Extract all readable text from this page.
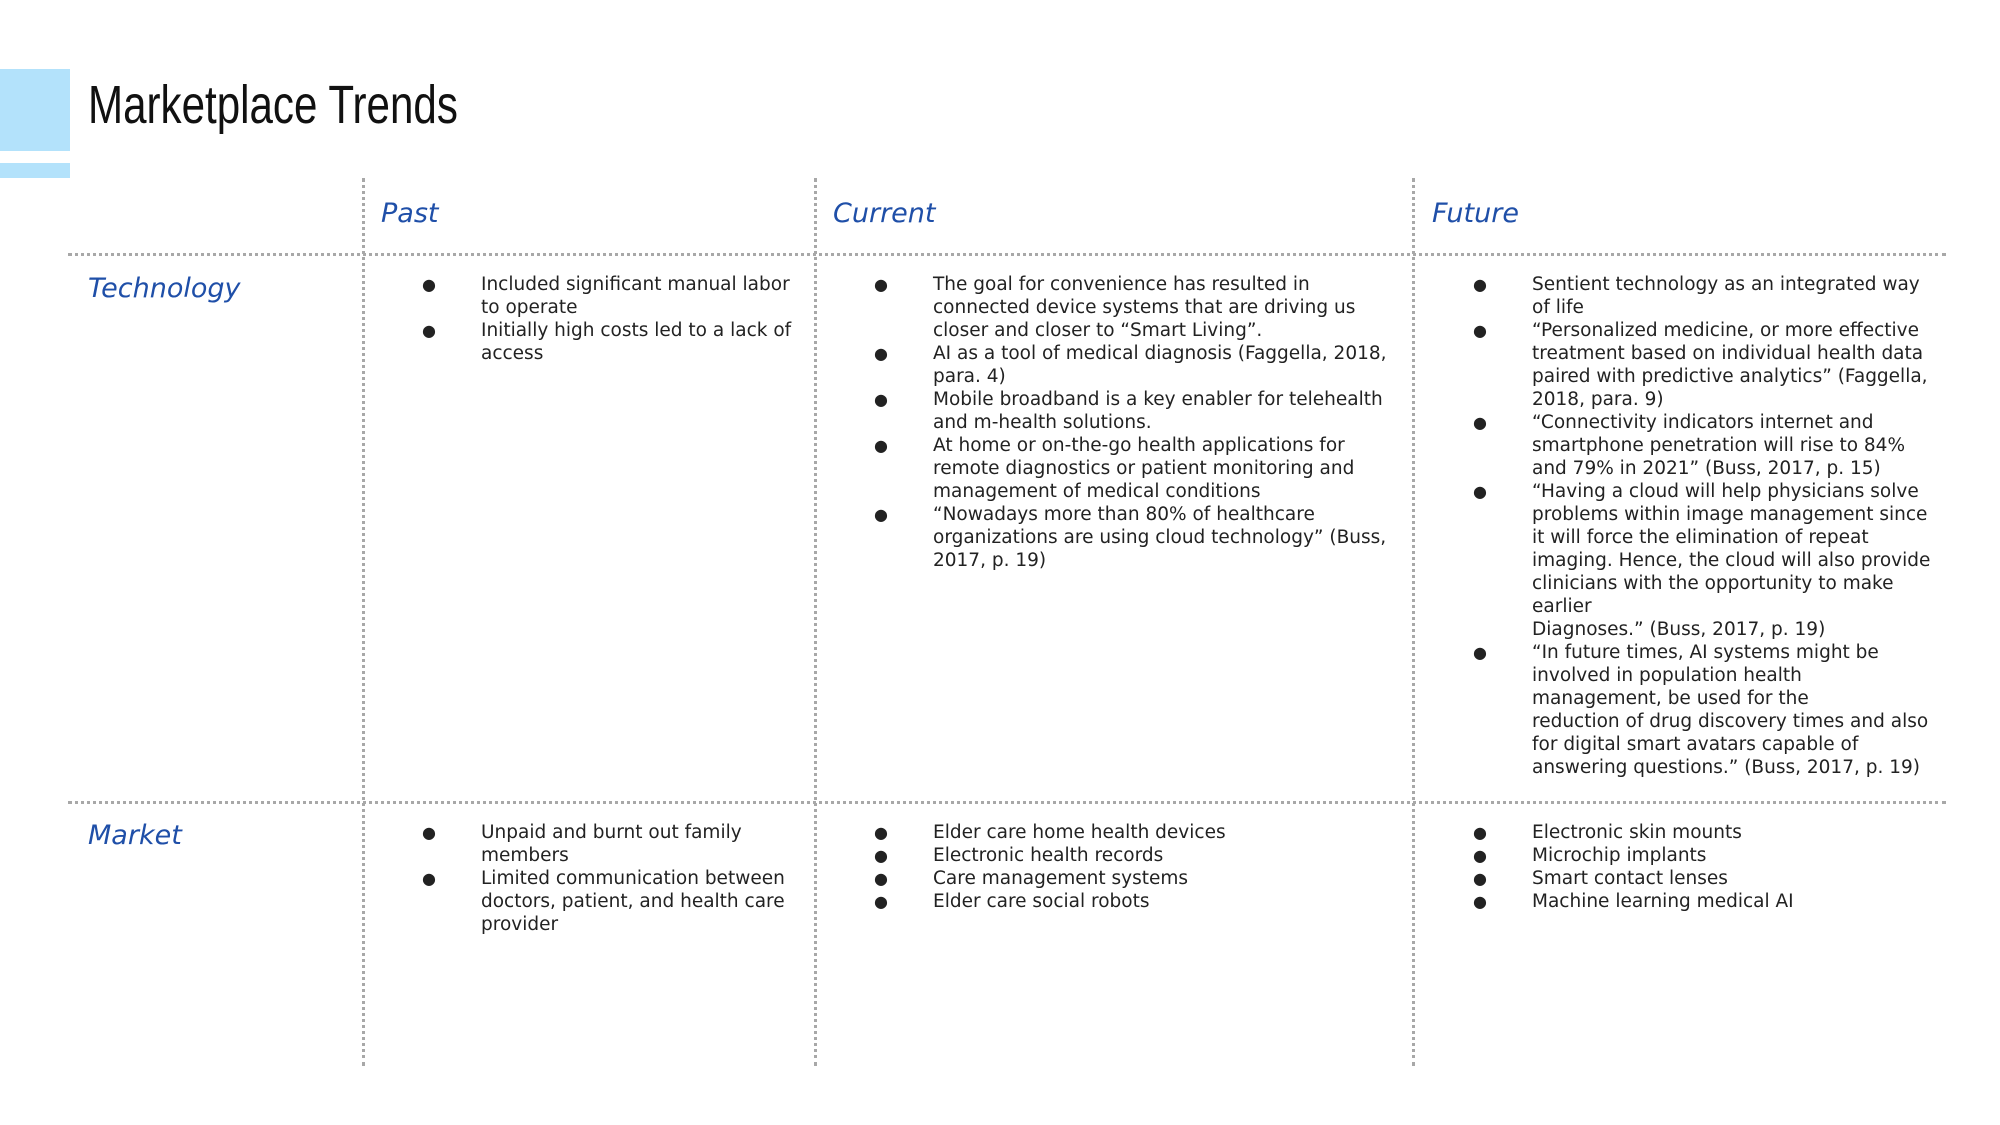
Marketplace Trends
Past	Current	Future
Technology
Market
● Included significant manual labor
to operate
● Initially high costs led to a lack of
access
● The goal for convenience has resulted in
connected device systems that are driving us
closer and closer to “Smart Living”.
● AI as a tool of medical diagnosis (Faggella, 2018,
para. 4)
● Mobile broadband is a key enabler for telehealth
and m-health solutions.
● At home or on-the-go health applications for
remote diagnostics or patient monitoring and
management of medical conditions
● “Nowadays more than 80% of healthcare
organizations are using cloud technology” (Buss,
2017, p. 19)
● Sentient technology as an integrated way
of life
● “Personalized medicine, or more effective
treatment based on individual health data
paired with predictive analytics” (Faggella,
2018, para. 9)
● “Connectivity indicators internet and
smartphone penetration will rise to 84%
and 79% in 2021” (Buss, 2017, p. 15)
● “Having a cloud will help physicians solve
problems within image management since
it will force the elimination of repeat
imaging. Hence, the cloud will also provide
clinicians with the opportunity to make
earlier
Diagnoses.” (Buss, 2017, p. 19)
● “In future times, AI systems might be
involved in population health
management, be used for the
reduction of drug discovery times and also
for digital smart avatars capable of
answering questions.” (Buss, 2017, p. 19)
● Unpaid and burnt out family
members
● Limited communication between
doctors, patient, and health care
provider
● Elder care home health devices
● Electronic health records
● Care management systems
● Elder care social robots
● Electronic skin mounts
● Microchip implants
● Smart contact lenses
● Machine learning medical AI
